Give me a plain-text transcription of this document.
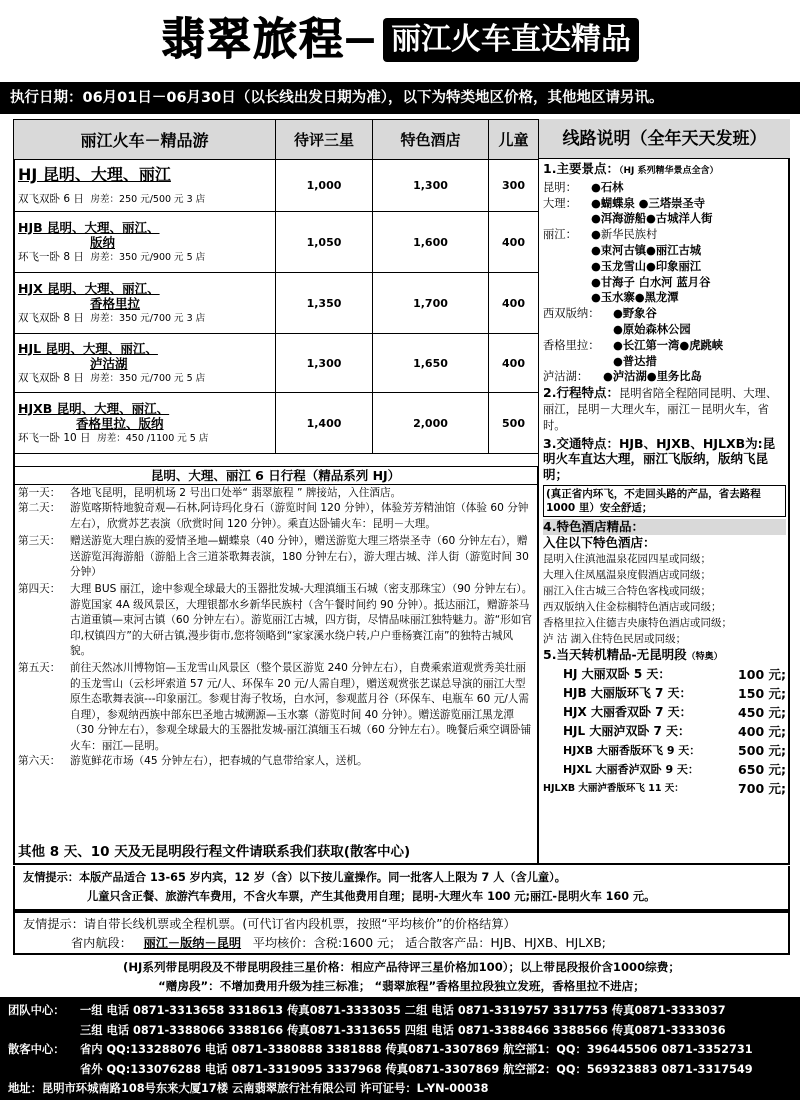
翡翠旅程— 丽江火车直达精品
执行日期：06月01日－06月30日（以长线出发日期为准），以下为特类地区价格，其他地区请另讯。
丽江火车－精品游	待评三星	特色酒店	儿童

HJ 昆明、大理、丽江
双飞双卧 6 日 房差：250 元/500 元 3 店	1,000	1,300	300

HJB 昆明、大理、丽江、
版纳
环飞一卧 8 日 房差：350 元/900 元 5 店	1,050	1,600	400

HJX 昆明、大理、丽江、
香格里拉
双飞双卧 8 日 房差：350 元/700 元 3 店	1,350	1,700	400

HJL 昆明、大理、丽江、
泸沽湖
双飞双卧 8 日 房差：350 元/700 元 5 店	1,300	1,650	400

HJXB 昆明、大理、丽江、
香格里拉、版纳
环飞一卧 10 日 房差：450 /1100 元 5 店	1,400	2,000	500
昆明、大理、丽江 6 日行程（精品系列 HJ）
第一天： 各地飞昆明，昆明机场 2 号出口处举“ 翡翠旅程 ” 牌接站，入住酒店。
第二天： 游览喀斯特地貌奇观—石林,阿诗玛化身石（游览时间 120 分钟），体验芳芳精油馆（体验 60 分钟左右），欣赏苏艺表演（欣赏时间 120 分钟）。乘直达卧铺火车：昆明－大理。
第三天： 赠送游览大理白族的爱情圣地—蝴蝶泉（40 分钟），赠送游览大理三塔崇圣寺（60 分钟左右），赠送游览洱海游船（游船上含三道茶歌舞表演，180 分钟左右），游大理古城、洋人街（游览时间 30 分钟）
第四天： 大理 BUS 丽江，途中参观全球最大的玉器批发城-大理滇缅玉石城（密支那珠宝）（90 分钟左右）。游览国家 4A 级风景区，大理银都水乡新华民族村（含午餐时间约 90 分钟）。抵达丽江，赠游茶马古道重镇—束河古镇（60 分钟左右）。游览丽江古城，四方街，尽情品味丽江独特魅力。游“形如官印,权镇四方”的大研古镇,漫步街市,您将领略到“家家溪水绕户转,户户垂杨赛江南”的独特古城风貌。
第五天： 前往天然冰川博物馆—玉龙雪山风景区（整个景区游览 240 分钟左右），自费乘索道观赏秀美壮丽的玉龙雪山（云杉坪索道 57 元/人、环保车 20 元/人需自理），赠送观赏张艺谋总导演的丽江大型原生态歌舞表演---印象丽江。参观甘海子牧场，白水河，参观蓝月谷（环保车、电瓶车 60 元/人需自理），参观纳西族中部东巴圣地古城溯源—玉水寨（游览时间 40 分钟）。赠送游览丽江黑龙潭（30 分钟左右），参观全球最大的玉器批发城-丽江滇缅玉石城（60 分钟左右）。晚餐后乘空调卧铺火车：丽江—昆明。
第六天： 游览鲜花市场（45 分钟左右），把春城的气息带给家人，送机。
其他 8 天、10 天及无昆明段行程文件请联系我们获取(散客中心)
线路说明（全年天天发班）
1.主要景点：（HJ 系列精华景点全含）
昆明： ●石林
大理： ●蝴蝶泉 ●三塔崇圣寺
●洱海游船●古城洋人街
丽江： ●新华民族村
●束河古镇●丽江古城
●玉龙雪山●印象丽江
●甘海子 白水河 蓝月谷
●玉水寨●黑龙潭
西双版纳： ●野象谷
●原始森林公园
香格里拉： ●长江第一湾●虎跳峡
●普达措
泸沽湖： ●泸沽湖●里务比岛
2.行程特点：昆明省陪全程陪同昆明、大理、丽江，昆明－大理火车，丽江－昆明火车，省时。
3.交通特点：HJB、HJXB、HJLXB为:昆明火车直达大理，丽江飞版纳，版纳飞昆明；
(真正省内环飞，不走回头路的产品，省去路程 1000 里）安全舒适；
4.特色酒店精品：
入住以下特色酒店：
昆明入住滇池温泉花园四星或同级；
大理入住凤凰温泉度假酒店或同级；
丽江入住古城三合特色客栈或同级；
西双版纳入住金棕榈特色酒店或同级；
香格里拉入住德吉央康特色酒店或同级；
泸 沽 湖入住特色民居或同级；
5.当天转机精品-无昆明段（特奥）
HJ 大丽双卧 5 天：	100 元;
HJB 大丽版环飞 7 天：	150 元;
HJX 大丽香双卧 7 天：	450 元;
HJL 大丽泸双卧 7 天：	400 元;
HJXB 大丽香版环飞 9 天：	500 元;
HJXL 大丽香泸双卧 9 天：	650 元;
HJLXB 大丽泸香版环飞 11 天：	700 元;
友情提示：本版产品适合 13-65 岁内宾，12 岁（含）以下按儿童操作。同一批客人上限为 7 人（含儿童）。
儿童只含正餐、旅游汽车费用，不含火车票，产生其他费用自理；昆明-大理火车 100 元;丽江-昆明火车 160 元。
友情提示：请自带长线机票或全程机票。(可代订省内段机票，按照“平均核价”的价格结算）
省内航段： 丽江－版纳－昆明 平均核价：含税:1600 元； 适合散客产品：HJB、HJXB、HJLXB;
(HJ系列带昆明段及不带昆明段挂三星价格：相应产品待评三星价格加100）；以上带昆段报价含1000综费；
“赠房段”：不增加费用升级为挂三标准； “翡翠旅程”香格里拉段独立发班，香格里拉不进店；
团队中心： 一组 电话 0871-3313658 3318613 传真0871-3333035 二组 电话 0871-3319757 3317753 传真0871-3333037
三组 电话 0871-3388066 3388166 传真0871-3313655 四组 电话 0871-3388466 3388566 传真0871-3333036
散客中心： 省内 QQ:133288076 电话 0871-3380888 3381888 传真0871-3307869 航空部1：QQ：396445506 0871-3352731
省外 QQ:133076288 电话 0871-3319095 3337968 传真0871-3307869 航空部2：QQ：569323883 0871-3317549
地址：昆明市环城南路108号东来大厦17楼 云南翡翠旅行社有限公司 许可证号：L-YN-00038
